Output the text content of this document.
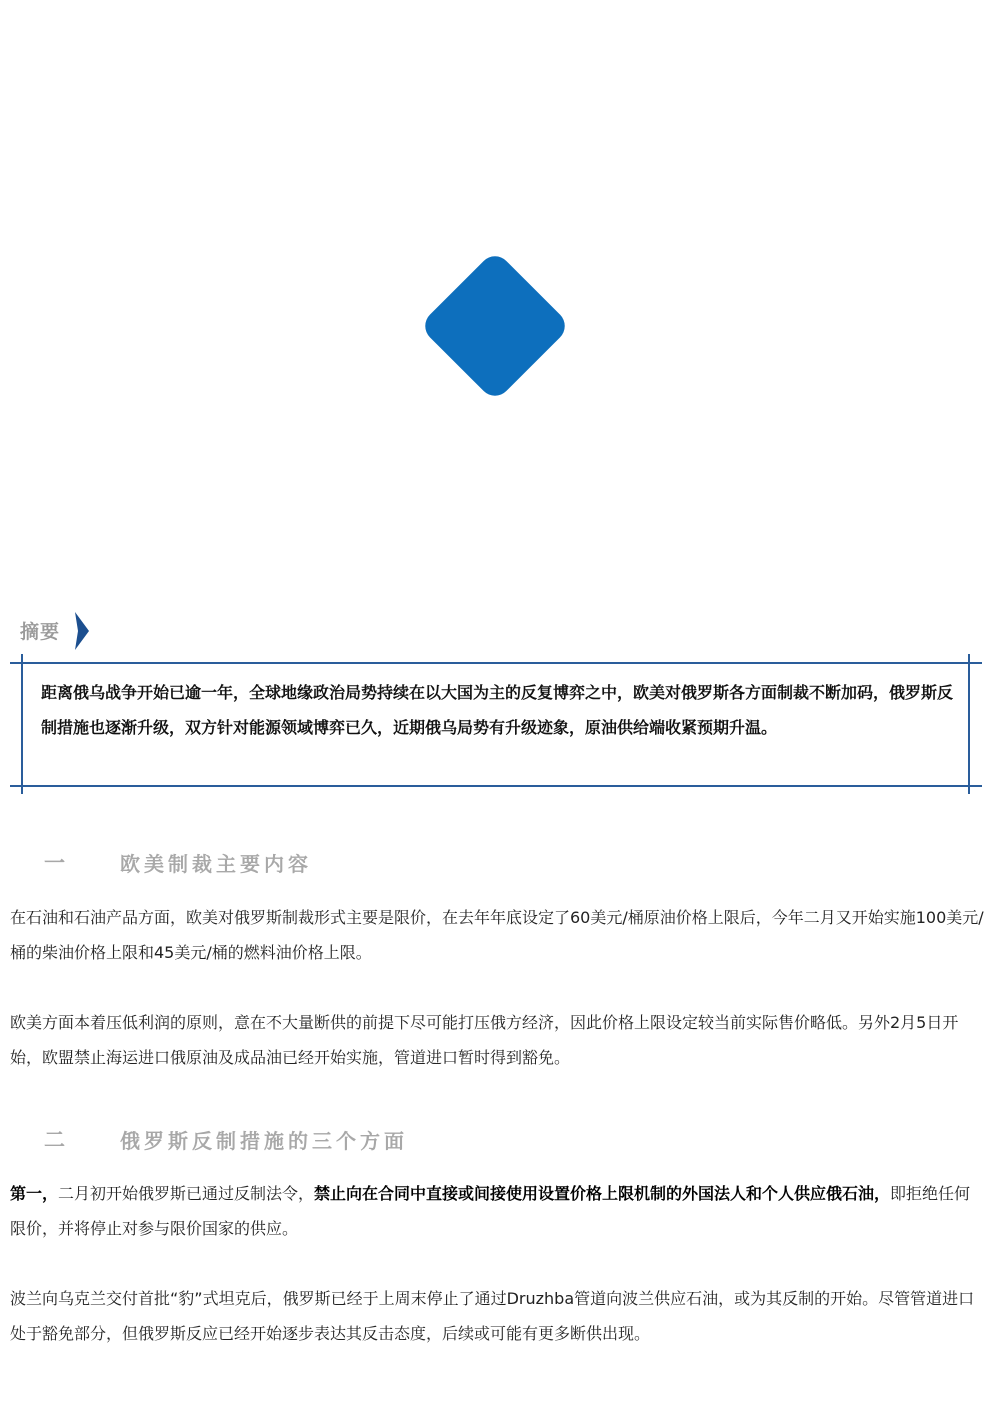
摘要
距离俄乌战争开始已逾一年，全球地缘政治局势持续在以大国为主的反复博弈之中，欧美对俄罗斯各方面制裁不断加码，俄罗斯反制措施也逐渐升级，双方针对能源领域博弈已久，近期俄乌局势有升级迹象，原油供给端收紧预期升温。
一	欧美制裁主要内容
在石油和石油产品方面，欧美对俄罗斯制裁形式主要是限价，在去年年底设定了60美元/桶原油价格上限后，今年二月又开始实施100美元/桶的柴油价格上限和45美元/桶的燃料油价格上限。
欧美方面本着压低利润的原则，意在不大量断供的前提下尽可能打压俄方经济，因此价格上限设定较当前实际售价略低。另外2月5日开始，欧盟禁止海运进口俄原油及成品油已经开始实施，管道进口暂时得到豁免。
二	俄罗斯反制措施的三个方面
第一，二月初开始俄罗斯已通过反制法令，禁止向在合同中直接或间接使用设置价格上限机制的外国法人和个人供应俄石油，即拒绝任何限价，并将停止对参与限价国家的供应。
波兰向乌克兰交付首批“豹”式坦克后，俄罗斯已经于上周末停止了通过Druzhba管道向波兰供应石油，或为其反制的开始。尽管管道进口处于豁免部分，但俄罗斯反应已经开始逐步表达其反击态度，后续或可能有更多断供出现。
